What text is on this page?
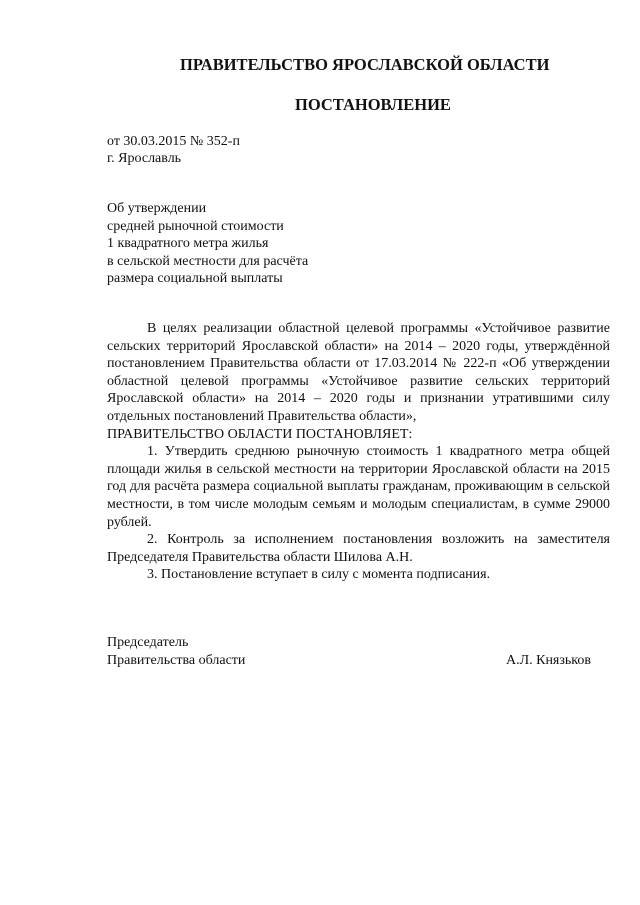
ПРАВИТЕЛЬСТВО ЯРОСЛАВСКОЙ ОБЛАСТИ
ПОСТАНОВЛЕНИЕ
от 30.03.2015 № 352-п
г. Ярославль
Об утверждении
средней рыночной стоимости
1 квадратного метра жилья
в сельской местности для расчёта
размера социальной выплаты

В целях реализации областной целевой программы «Устойчивое развитие сельских территорий Ярославской области» на 2014 – 2020 годы, утверждённой постановлением Правительства области от 17.03.2014 № 222-п «Об утверждении областной целевой программы «Устойчивое развитие сельских территорий Ярославской области» на 2014 – 2020 годы и признании утратившими силу отдельных постановлений Правительства области»,

ПРАВИТЕЛЬСТВО ОБЛАСТИ ПОСТАНОВЛЯЕТ:

1. Утвердить среднюю рыночную стоимость 1 квадратного метра общей площади жилья в сельской местности на территории Ярославской области на 2015 год для расчёта размера социальной выплаты гражданам, проживающим в сельской местности, в том числе молодым семьям и молодым специалистам, в сумме 29000 рублей.

2. Контроль за исполнением постановления возложить на заместителя Председателя Правительства области Шилова А.Н.

3. Постановление вступает в силу с момента подписания.

Председатель
Правительства области	А.Л. Князьков
